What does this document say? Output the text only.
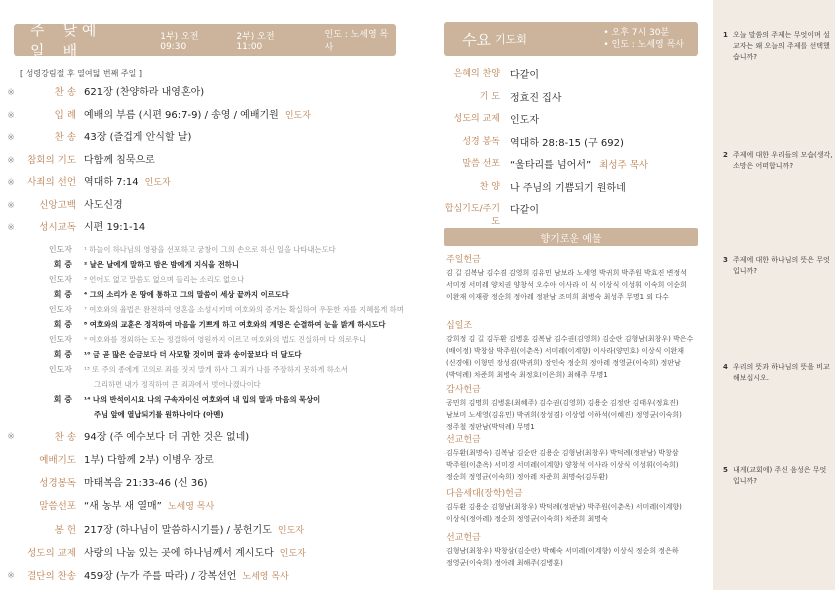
주일
낮 예배
1부) 오전 09:30
2부) 오전 11:00
인도 : 노세영 목사
[ 성령강림절 후 열여덟 번째 주일 ]
※	찬 송 621장 (찬양하라 내영혼아)
※	입 례 예배의 부름 (시편 96:7-9) / 송영 / 예배기원 인도자
※	찬 송 43장 (즐겁게 안식할 날)
※	참회의 기도 다함께 침묵으로
※	사죄의 선언 역대하 7:14 인도자
※	신앙고백 사도신경
※	성시교독 시편 19:1-14
인도자	¹ 하늘이 하나님의 영광을 선포하고 궁창이 그의 손으로 하신 일을 나타내는도다
회 중	² 날은 날에게 말하고 밤은 밤에게 지식을 전하니
인도자	³ 언어도 없고 말씀도 없으며 들리는 소리도 없으나
회 중	⁴ 그의 소리가 온 땅에 통하고 그의 말씀이 세상 끝까지 이르도다
인도자	⁷ 여호와의 율법은 완전하여 영혼을 소성시키며 여호와의 증거는 확실하여 우둔한 자를 지혜롭게 하며
회 중	⁸ 여호와의 교훈은 정직하여 마음을 기쁘게 하고 여호와의 계명은 순결하여 눈을 밝게 하시도다
인도자	⁹ 여호와를 경외하는 도는 정결하여 영원까지 이르고 여호와의 법도 진실하여 다 의로우니
회 중	¹⁰ 금 곧 많은 순금보다 더 사모할 것이며 꿀과 송이꿀보다 더 달도다
인도자	¹³ 또 주의 종에게 고의로 죄를 짓지 말게 하사 그 죄가 나를 주장하지 못하게 하소서
그리하면 내가 정직하여 큰 죄과에서 벗어나겠나이다
회 중	¹⁴ 나의 반석이시요 나의 구속자이신 여호와여 내 입의 말과 마음의 묵상이
주님 앞에 열납되기를 원하나이다 (아멘)
※	찬 송 94장 (주 예수보다 더 귀한 것은 없네)
예배기도 1부) 다함께 2부) 이병우 장로
성경봉독 마태복음 21:33-46 (신 36)
말씀선포 “새 농부 새 열매” 노세영 목사
봉 헌 217장 (하나님이 말씀하시기를) / 봉헌기도 인도자
성도의 교제 사랑의 나눔 있는 곳에 하나님께서 계시도다 인도자
※	결단의 찬송 459장 (누가 주를 따라) / 강복선언 노세영 목사
수요 기도회	• 오후 7시 30분
• 인도 : 노세영 목사
은혜의 찬양	다같이
기 도	정효진 집사
성도의 교제	인도자
성경 봉독	역대하 28:8-15 (구 692)
말씀 선포	“울타리를 넘어서” 최성주 목사
찬 양	나 주님의 기쁨되기 원하네
합심기도/주기도
다같이
향기로운 예물
주일헌금
김 길 김복남 김수겸 김영희 김유민 남보라 노세영 박귀희 박주원 박효진 변정석 서미정 서미레 양치권 양창석 오수아 이사라 이 식 이상식 이성휘 이숙희 이순희 이완재 이재광 정순희 정아레 정판남 조미희 최병숙 최성주 무명1 외 다수
십일조
강희정 김 길 김두환 김병훈 김복남 김수권(김영희) 김순란 김형남(최창우) 박은수(배이정) 박창삼 박주원(이춘옥) 서미레(이계향) 이사라(양민호) 이상식 이완재(신경애) 이형민 장성겸(박귀희) 장인숙 정순희 정아레 정영균(이숙희) 정판남(박덕례) 차준희 최병숙 최정호(이은희) 최해주 무명1
감사헌금
공민희 김명희 김병훈(최혜주) 김수권(김영희) 김용순 김정란 김태우(정효진) 남보미 노세영(김유민) 박귀희(장성겸) 이상엽 이하석(이혜진) 정영균(이숙희) 정주철 정판남(박덕례) 무명1
선교헌금
김두환(최명숙) 김복남 김순란 김용순 김형남(최창우) 박덕례(정판남) 박창삼 박주원(이춘옥) 서미경 서미레(이계향) 양창석 이사라 이상식 이성휘(이숙희) 정순희 정영균(이숙희) 정아레 차준희 최명숙(김두환)
다음세대(장학)헌금
김두환 김용순 김형남(최창우) 박덕례(정판남) 박주원(이춘옥) 서미레(이계향) 이상식(정아레) 정순희 정영균(이숙희) 차준희 최명숙
선교헌금
김형남(최창우) 박창삼(김순란) 박혜숙 서미레(이계향) 이상식 정순희 정은하 정영균(이숙희) 정아레 최해주(김병훈)
1 오늘 말씀의 주제는 무엇이며 설교자는 왜 오늘의 주제를 선택했습니까?
2 주제에 대한 우리들의 모습(생각, 소망은 어떠합니까?
3 주제에 대한 하나님의 뜻은 무엇입니까?
4 우리의 뜻과 하나님의 뜻을 비교해보십시오.
5 내게(교회에) 주신 음성은 무엇입니까?
